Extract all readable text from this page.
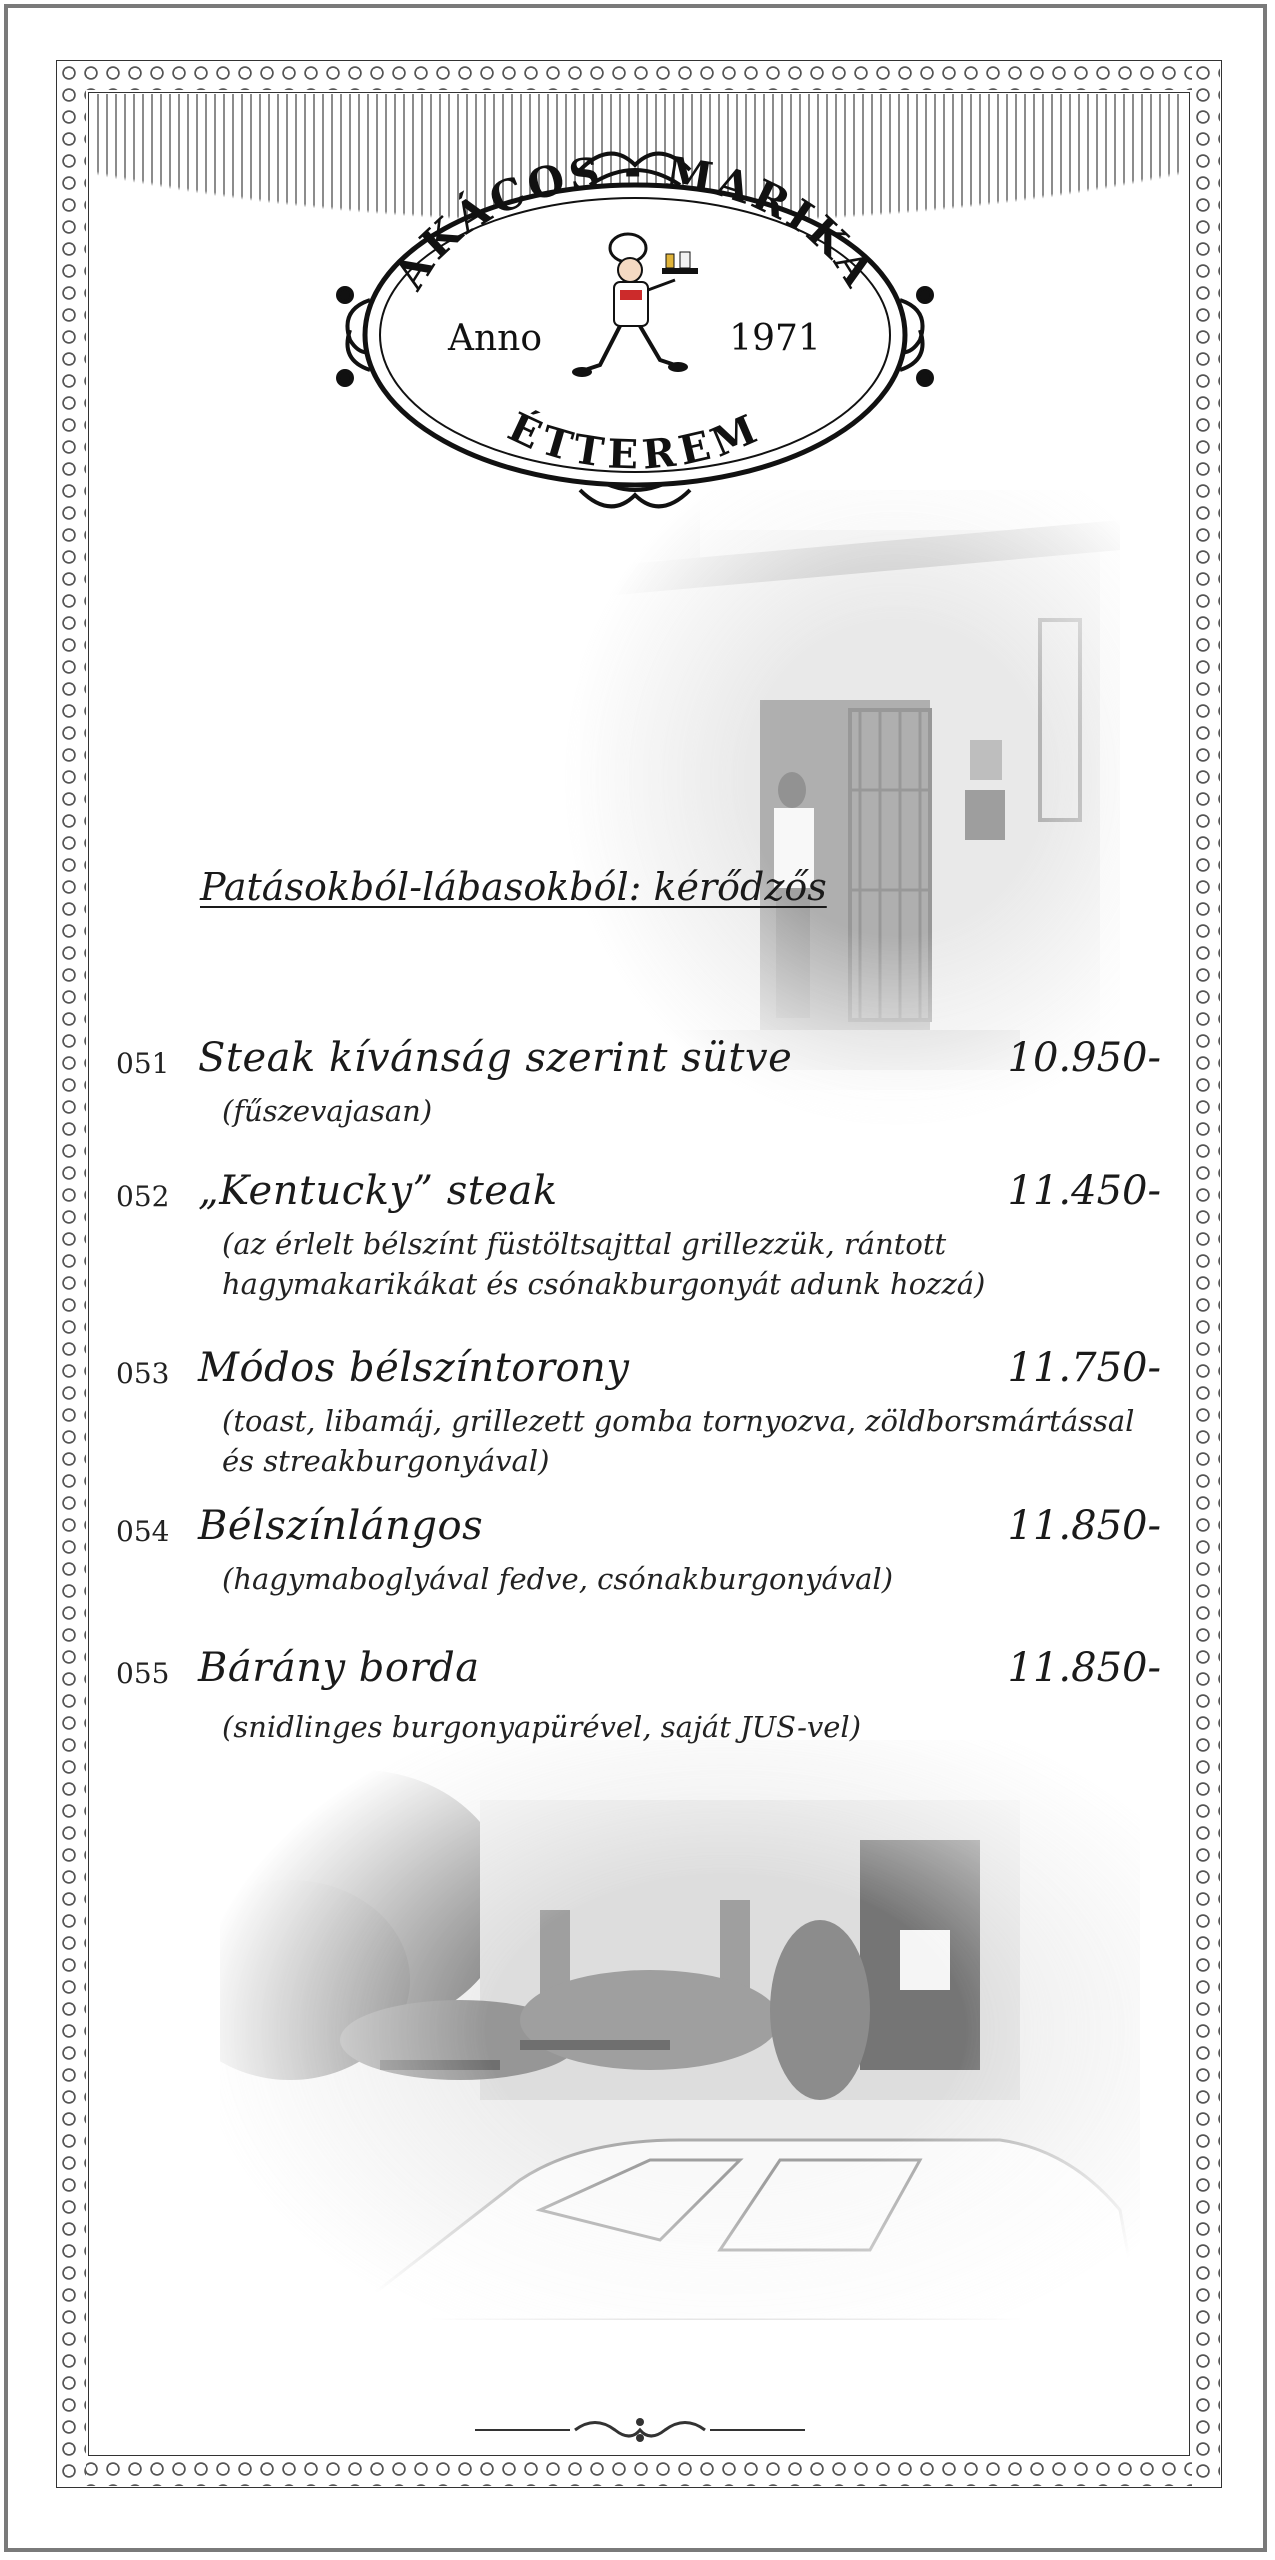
AKÁCOS - MARIKA
Anno	1971
ÉTTEREM
Patásokból-lábasokból: kérődzős
051 Steak kívánság szerint sütve	10.950-
(fűszevajasan)
052 „Kentucky” steak	11.450-
(az érlelt bélszínt füstöltsajttal grillezzük, rántott
hagymakarikákat és csónakburgonyát adunk hozzá)
053 Módos bélszíntorony	11.750-
(toast, libamáj, grillezett gomba tornyozva, zöldborsmártással
és streakburgonyával)
054 Bélszínlángos	11.850-
(hagymaboglyával fedve, csónakburgonyával)
055 Bárány borda	11.850-
(snidlinges burgonyapürével, saját JUS-vel)
